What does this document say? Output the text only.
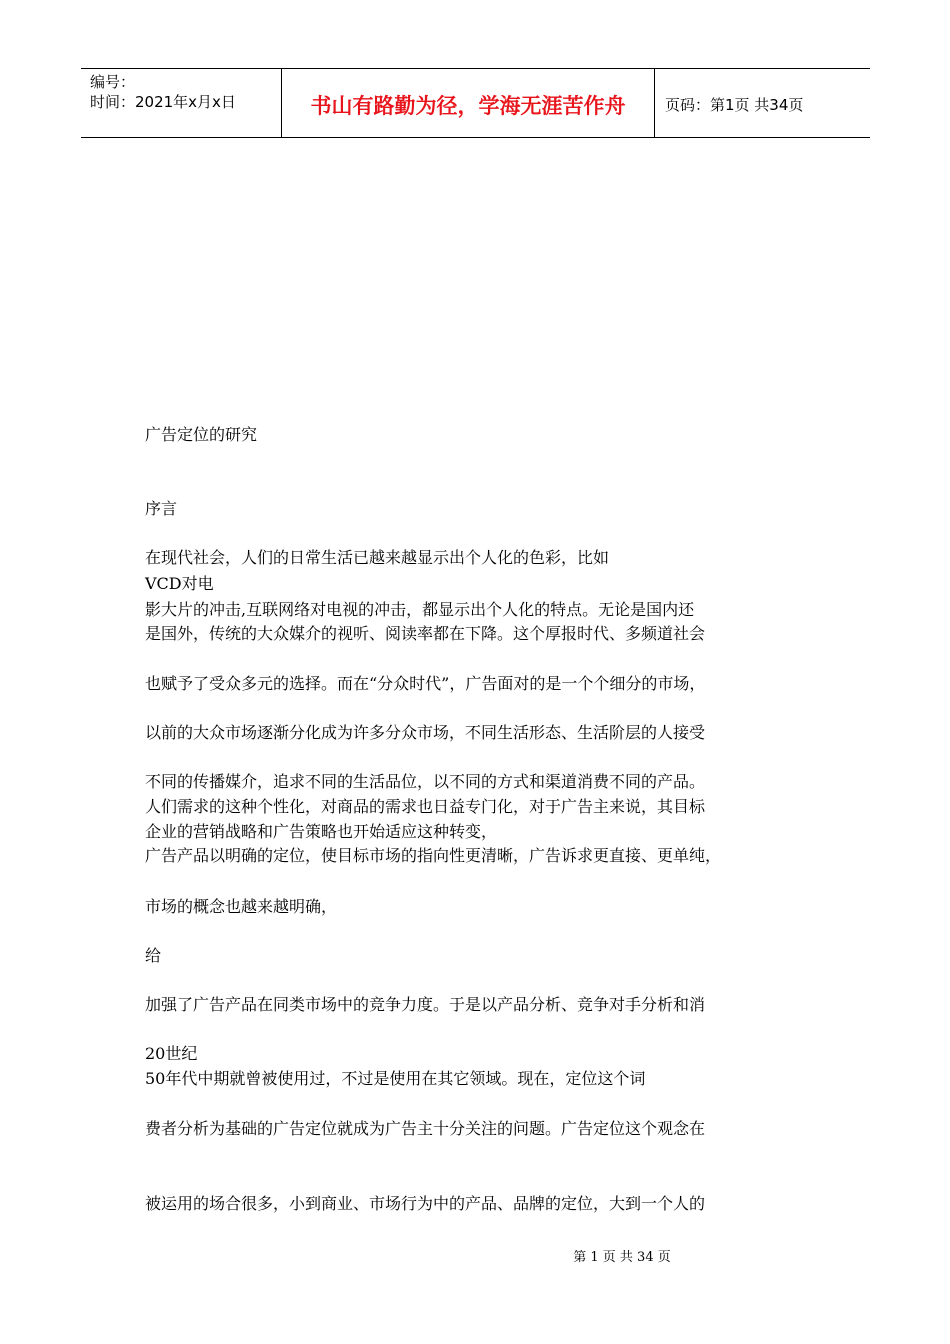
编号：
时间：2021年x月x日	书山有路勤为径，学海无涯苦作舟	页码：第1页 共34页
广告定位的研究
序言
在现代社会，人们的日常生活已越来越显示出个人化的色彩，比如
VCD对电
影大片的冲击,互联网络对电视的冲击，都显示出个人化的特点。无论是国内还
是国外，传统的大众媒介的视听、阅读率都在下降。这个厚报时代、多频道社会
也赋予了受众多元的选择。而在“分众时代”，广告面对的是一个个细分的市场，
以前的大众市场逐渐分化成为许多分众市场，不同生活形态、生活阶层的人接受
不同的传播媒介，追求不同的生活品位，以不同的方式和渠道消费不同的产品。
人们需求的这种个性化，对商品的需求也日益专门化，对于广告主来说，其目标
企业的营销战略和广告策略也开始适应这种转变，
广告产品以明确的定位，使目标市场的指向性更清晰，广告诉求更直接、更单纯，
市场的概念也越来越明确，
给
加强了广告产品在同类市场中的竞争力度。于是以产品分析、竞争对手分析和消
20世纪
50年代中期就曾被使用过，不过是使用在其它领域。现在，定位这个词
费者分析为基础的广告定位就成为广告主十分关注的问题。广告定位这个观念在
被运用的场合很多，小到商业、市场行为中的产品、品牌的定位，大到一个人的
第 1 页 共 34 页
